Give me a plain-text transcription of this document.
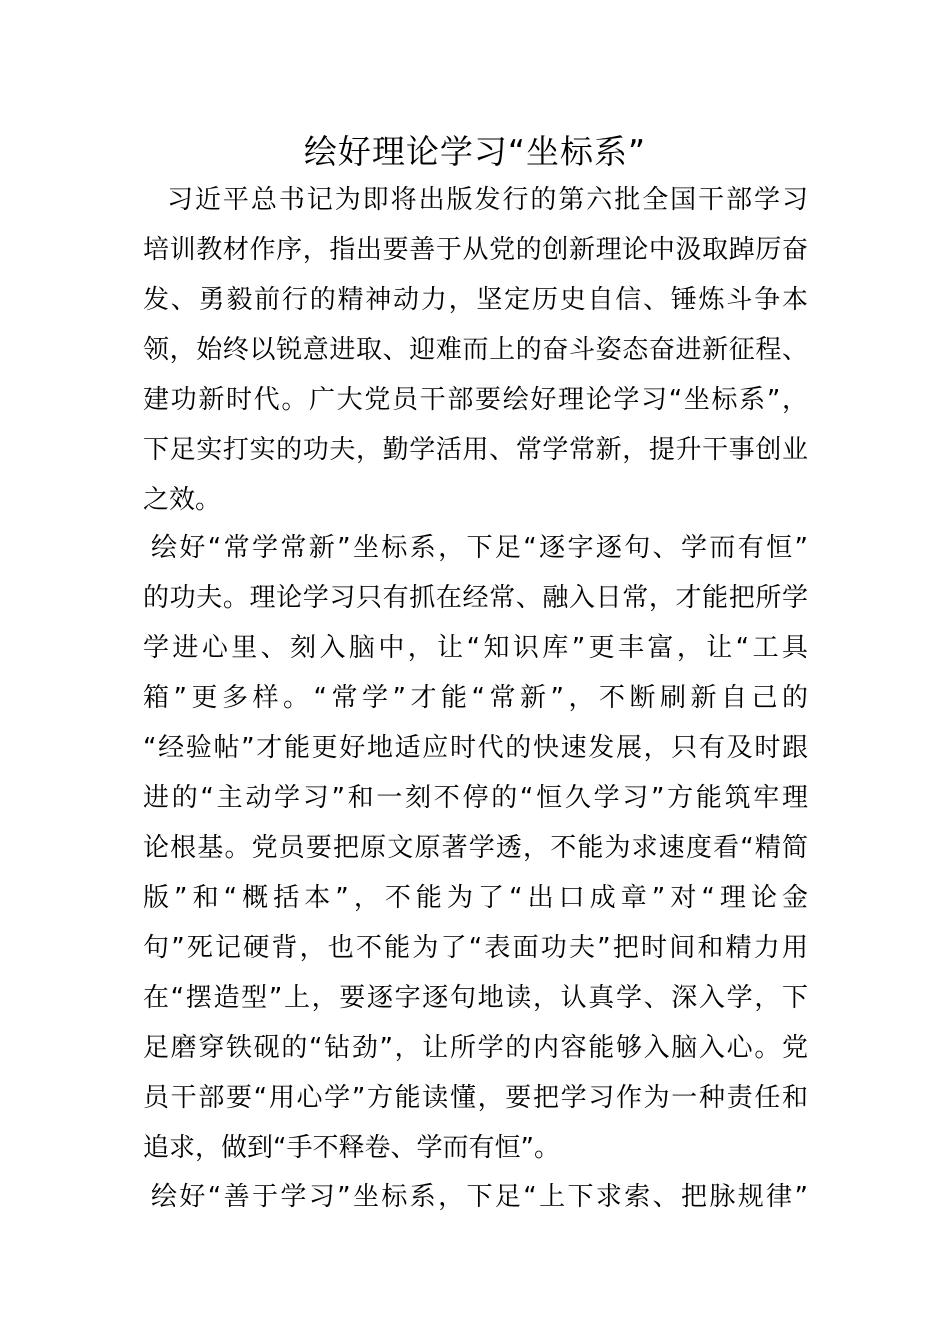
绘好理论学习“坐标系”
习近平总书记为即将出版发行的第六批全国干部学习
培训教材作序，指出要善于从党的创新理论中汲取踔厉奋
发、勇毅前行的精神动力，坚定历史自信、锤炼斗争本
领，始终以锐意进取、迎难而上的奋斗姿态奋进新征程、
建功新时代。广大党员干部要绘好理论学习“坐标系”，
下足实打实的功夫，勤学活用、常学常新，提升干事创业
之效。
绘好“常学常新”坐标系，下足“逐字逐句、学而有恒”
的功夫。理论学习只有抓在经常、融入日常，才能把所学
学进心里、刻入脑中，让“知识库”更丰富，让“工具
箱”更多样。“常学”才能“常新”，不断刷新自己的
“经验帖”才能更好地适应时代的快速发展，只有及时跟
进的“主动学习”和一刻不停的“恒久学习”方能筑牢理
论根基。党员要把原文原著学透，不能为求速度看“精简
版”和“概括本”，不能为了“出口成章”对“理论金
句”死记硬背，也不能为了“表面功夫”把时间和精力用
在“摆造型”上，要逐字逐句地读，认真学、深入学，下
足磨穿铁砚的“钻劲”，让所学的内容能够入脑入心。党
员干部要“用心学”方能读懂，要把学习作为一种责任和
追求，做到“手不释卷、学而有恒”。
绘好“善于学习”坐标系，下足“上下求索、把脉规律”
